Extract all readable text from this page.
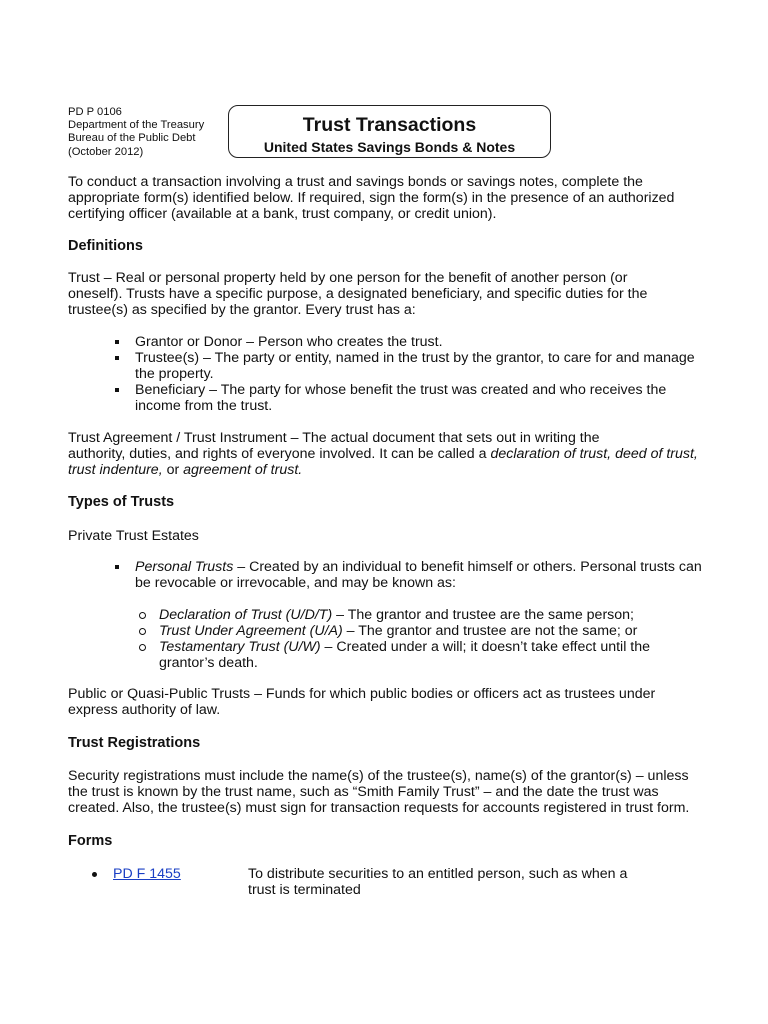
PD P 0106
Department of the Treasury
Bureau of the Public Debt
(October 2012)
Trust Transactions
United States Savings Bonds & Notes

To conduct a transaction involving a trust and savings bonds or savings notes, complete the appropriate form(s) identified below. If required, sign the form(s) in the presence of an authorized certifying officer (available at a bank, trust company, or credit union).

Definitions

Trust – Real or personal property held by one person for the benefit of another person (or

oneself). Trusts have a specific purpose, a designated beneficiary, and specific duties for the trustee(s) as specified by the grantor. Every trust has a:

Grantor or Donor – Person who creates the trust.
Trustee(s) – The party or entity, named in the trust by the grantor, to care for and manage the property.
Beneficiary – The party for whose benefit the trust was created and who receives the income from the trust.

Trust Agreement / Trust Instrument – The actual document that sets out in writing the

authority, duties, and rights of everyone involved. It can be called a declaration of trust, deed of trust, trust indenture, or agreement of trust.

Types of Trusts

Private Trust Estates

Personal Trusts – Created by an individual to benefit himself or others. Personal trusts can be revocable or irrevocable, and may be known as:
Declaration of Trust (U/D/T) – The grantor and trustee are the same person;
Trust Under Agreement (U/A) – The grantor and trustee are not the same; or
Testamentary Trust (U/W) – Created under a will; it doesn’t take effect until the grantor’s death.

Public or Quasi-Public Trusts – Funds for which public bodies or officers act as trustees under express authority of law.

Trust Registrations

Security registrations must include the name(s) of the trustee(s), name(s) of the grantor(s) – unless the trust is known by the trust name, such as “Smith Family Trust” – and the date the trust was created. Also, the trustee(s) must sign for transaction requests for accounts registered in trust form.

Forms
PD F 1455	To distribute securities to an entitled person, such as when a trust is terminated
